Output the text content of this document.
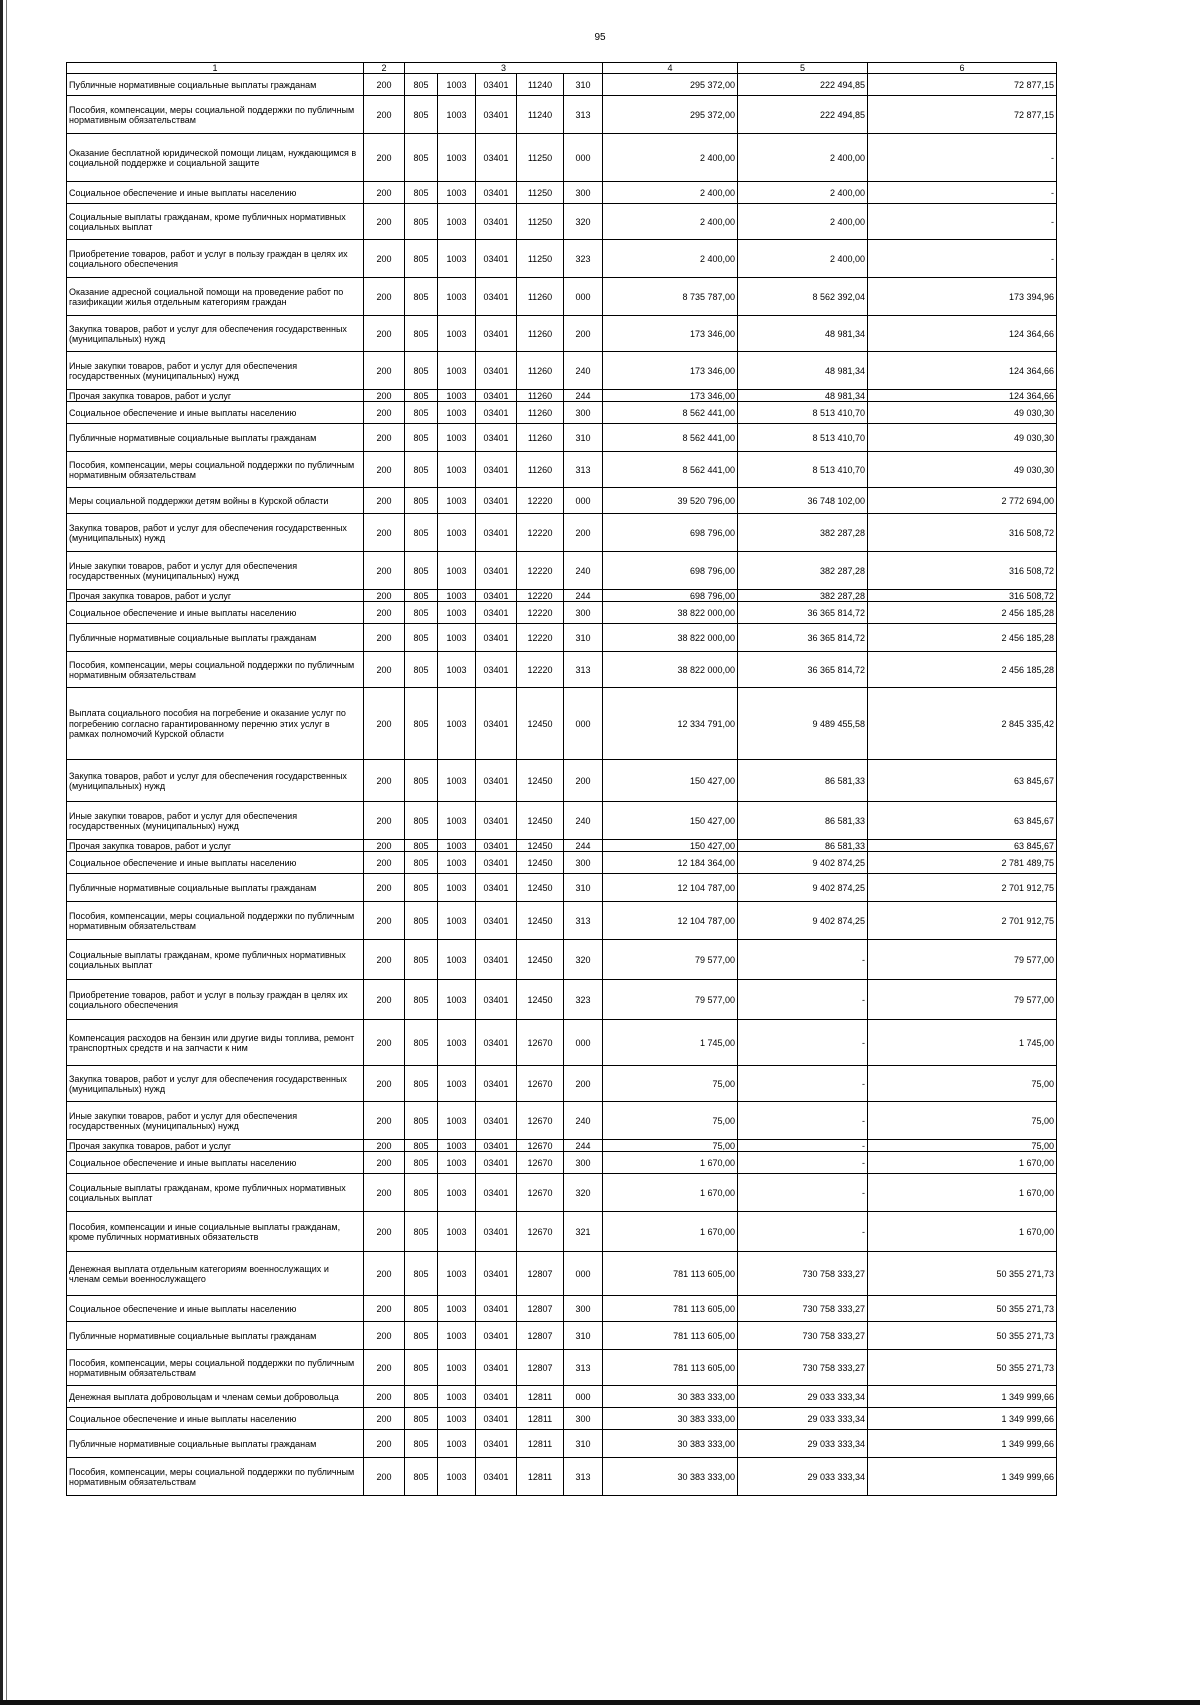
95
1	2	3					4	5	6
Публичные нормативные социальные выплаты гражданам	200	805	1003	03401	11240	310	295 372,00	222 494,85	72 877,15
Пособия, компенсации, меры социальной поддержки по публичным нормативным обязательствам	200	805	1003	03401	11240	313	295 372,00	222 494,85	72 877,15
Оказание бесплатной юридической помощи лицам, нуждающимся в социальной поддержке и социальной защите	200	805	1003	03401	11250	000	2 400,00	2 400,00	-
Социальное обеспечение и иные выплаты населению	200	805	1003	03401	11250	300	2 400,00	2 400,00	-
Социальные выплаты гражданам, кроме публичных нормативных социальных выплат	200	805	1003	03401	11250	320	2 400,00	2 400,00	-
Приобретение товаров, работ и услуг в пользу граждан в целях их социального обеспечения	200	805	1003	03401	11250	323	2 400,00	2 400,00	-
Оказание адресной социальной помощи на проведение работ по газификации жилья отдельным категориям граждан	200	805	1003	03401	11260	000	8 735 787,00	8 562 392,04	173 394,96
Закупка товаров, работ и услуг для обеспечения государственных (муниципальных) нужд	200	805	1003	03401	11260	200	173 346,00	48 981,34	124 364,66
Иные закупки товаров, работ и услуг для обеспечения государственных (муниципальных) нужд	200	805	1003	03401	11260	240	173 346,00	48 981,34	124 364,66
Прочая закупка товаров, работ и услуг	200	805	1003	03401	11260	244	173 346,00	48 981,34	124 364,66
Социальное обеспечение и иные выплаты населению	200	805	1003	03401	11260	300	8 562 441,00	8 513 410,70	49 030,30
Публичные нормативные социальные выплаты гражданам	200	805	1003	03401	11260	310	8 562 441,00	8 513 410,70	49 030,30
Пособия, компенсации, меры социальной поддержки по публичным нормативным обязательствам	200	805	1003	03401	11260	313	8 562 441,00	8 513 410,70	49 030,30
Меры социальной поддержки детям войны в Курской области	200	805	1003	03401	12220	000	39 520 796,00	36 748 102,00	2 772 694,00
Закупка товаров, работ и услуг для обеспечения государственных (муниципальных) нужд	200	805	1003	03401	12220	200	698 796,00	382 287,28	316 508,72
Иные закупки товаров, работ и услуг для обеспечения государственных (муниципальных) нужд	200	805	1003	03401	12220	240	698 796,00	382 287,28	316 508,72
Прочая закупка товаров, работ и услуг	200	805	1003	03401	12220	244	698 796,00	382 287,28	316 508,72
Социальное обеспечение и иные выплаты населению	200	805	1003	03401	12220	300	38 822 000,00	36 365 814,72	2 456 185,28
Публичные нормативные социальные выплаты гражданам	200	805	1003	03401	12220	310	38 822 000,00	36 365 814,72	2 456 185,28
Пособия, компенсации, меры социальной поддержки по публичным нормативным обязательствам	200	805	1003	03401	12220	313	38 822 000,00	36 365 814,72	2 456 185,28
Выплата социального пособия на погребение и оказание услуг по погребению согласно гарантированному перечню этих услуг в рамках полномочий Курской области	200	805	1003	03401	12450	000	12 334 791,00	9 489 455,58	2 845 335,42
Закупка товаров, работ и услуг для обеспечения государственных (муниципальных) нужд	200	805	1003	03401	12450	200	150 427,00	86 581,33	63 845,67
Иные закупки товаров, работ и услуг для обеспечения государственных (муниципальных) нужд	200	805	1003	03401	12450	240	150 427,00	86 581,33	63 845,67
Прочая закупка товаров, работ и услуг	200	805	1003	03401	12450	244	150 427,00	86 581,33	63 845,67
Социальное обеспечение и иные выплаты населению	200	805	1003	03401	12450	300	12 184 364,00	9 402 874,25	2 781 489,75
Публичные нормативные социальные выплаты гражданам	200	805	1003	03401	12450	310	12 104 787,00	9 402 874,25	2 701 912,75
Пособия, компенсации, меры социальной поддержки по публичным нормативным обязательствам	200	805	1003	03401	12450	313	12 104 787,00	9 402 874,25	2 701 912,75
Социальные выплаты гражданам, кроме публичных нормативных социальных выплат	200	805	1003	03401	12450	320	79 577,00	-	79 577,00
Приобретение товаров, работ и услуг в пользу граждан в целях их социального обеспечения	200	805	1003	03401	12450	323	79 577,00	-	79 577,00
Компенсация расходов на бензин или другие виды топлива, ремонт транспортных средств и на запчасти к ним	200	805	1003	03401	12670	000	1 745,00	-	1 745,00
Закупка товаров, работ и услуг для обеспечения государственных (муниципальных) нужд	200	805	1003	03401	12670	200	75,00	-	75,00
Иные закупки товаров, работ и услуг для обеспечения государственных (муниципальных) нужд	200	805	1003	03401	12670	240	75,00	-	75,00
Прочая закупка товаров, работ и услуг	200	805	1003	03401	12670	244	75,00	-	75,00
Социальное обеспечение и иные выплаты населению	200	805	1003	03401	12670	300	1 670,00	-	1 670,00
Социальные выплаты гражданам, кроме публичных нормативных социальных выплат	200	805	1003	03401	12670	320	1 670,00	-	1 670,00
Пособия, компенсации и иные социальные выплаты гражданам, кроме публичных нормативных обязательств	200	805	1003	03401	12670	321	1 670,00	-	1 670,00
Денежная выплата отдельным категориям военнослужащих и членам семьи военнослужащего	200	805	1003	03401	12807	000	781 113 605,00	730 758 333,27	50 355 271,73
Социальное обеспечение и иные выплаты населению	200	805	1003	03401	12807	300	781 113 605,00	730 758 333,27	50 355 271,73
Публичные нормативные социальные выплаты гражданам	200	805	1003	03401	12807	310	781 113 605,00	730 758 333,27	50 355 271,73
Пособия, компенсации, меры социальной поддержки по публичным нормативным обязательствам	200	805	1003	03401	12807	313	781 113 605,00	730 758 333,27	50 355 271,73
Денежная выплата добровольцам и членам семьи добровольца	200	805	1003	03401	12811	000	30 383 333,00	29 033 333,34	1 349 999,66
Социальное обеспечение и иные выплаты населению	200	805	1003	03401	12811	300	30 383 333,00	29 033 333,34	1 349 999,66
Публичные нормативные социальные выплаты гражданам	200	805	1003	03401	12811	310	30 383 333,00	29 033 333,34	1 349 999,66
Пособия, компенсации, меры социальной поддержки по публичным нормативным обязательствам	200	805	1003	03401	12811	313	30 383 333,00	29 033 333,34	1 349 999,66
